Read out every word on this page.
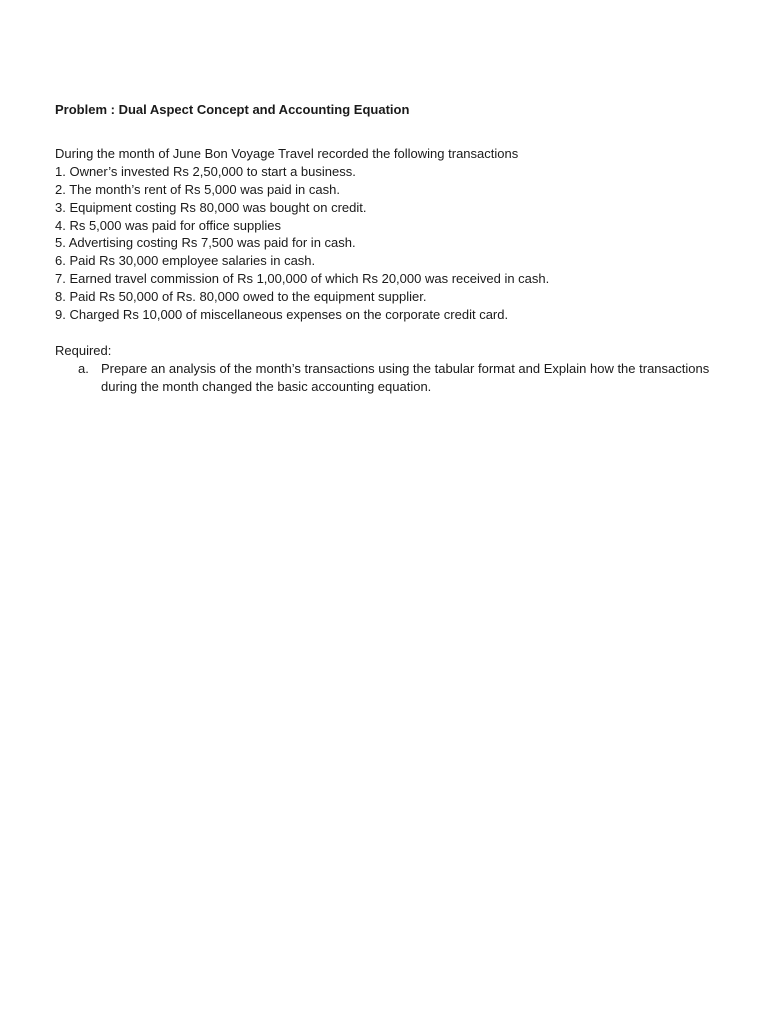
Problem : Dual Aspect Concept and Accounting Equation
During the month of June Bon Voyage Travel recorded the following transactions
1. Owner’s invested Rs 2,50,000 to start a business.
2. The month’s rent of Rs 5,000 was paid in cash.
3. Equipment costing Rs 80,000 was bought on credit.
4. Rs 5,000 was paid for office supplies
5. Advertising costing Rs 7,500 was paid for in cash.
6. Paid Rs 30,000 employee salaries in cash.
7. Earned travel commission of Rs 1,00,000 of which Rs 20,000 was received in cash.
8. Paid Rs 50,000 of Rs. 80,000 owed to the equipment supplier.
9. Charged Rs 10,000 of miscellaneous expenses on the corporate credit card.
Required:
a. Prepare an analysis of the month’s transactions using the tabular format and Explain how the transactions during the month changed the basic accounting equation.
